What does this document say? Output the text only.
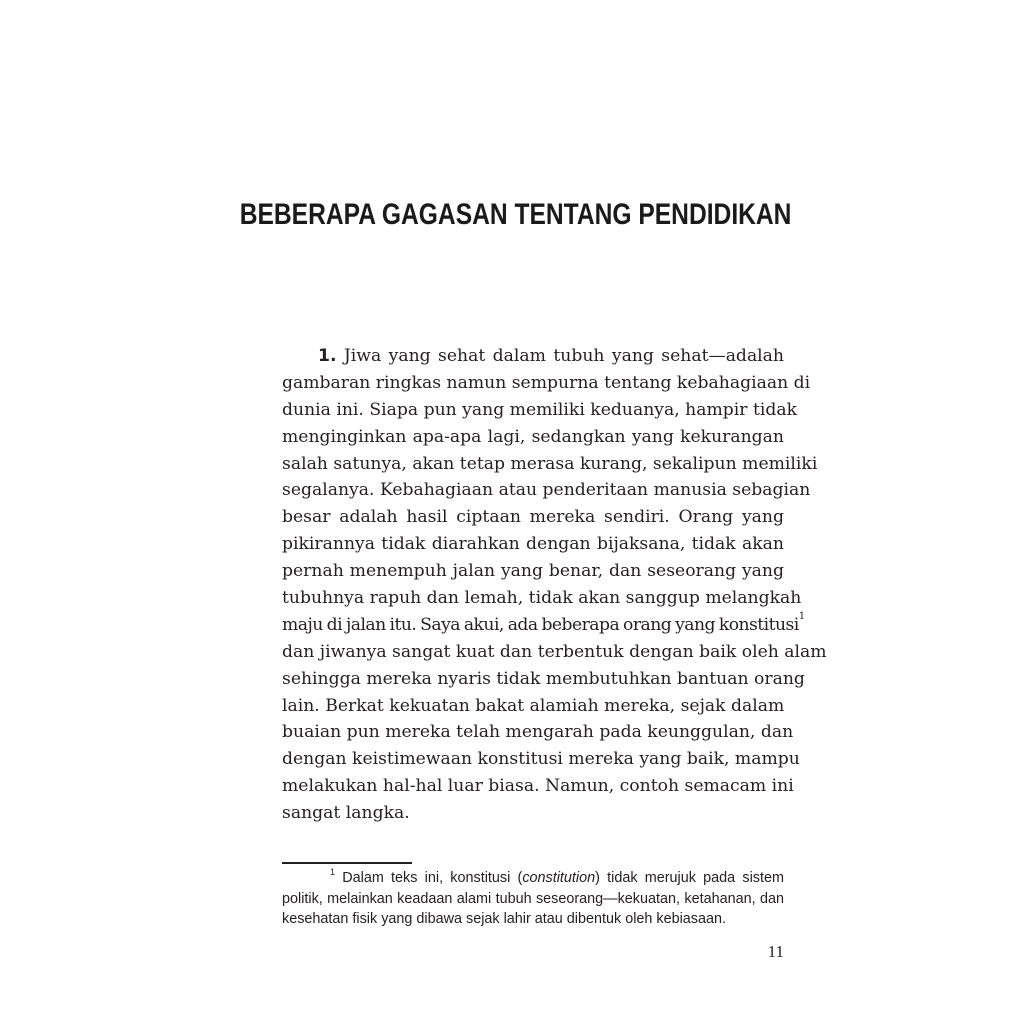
BEBERAPA GAGASAN TENTANG PENDIDIKAN
1. Jiwa yang sehat dalam tubuh yang sehat—adalah
gambaran ringkas namun sempurna tentang kebahagiaan di
dunia ini. Siapa pun yang memiliki keduanya, hampir tidak
menginginkan apa-apa lagi, sedangkan yang kekurangan
salah satunya, akan tetap merasa kurang, sekalipun memiliki
segalanya. Kebahagiaan atau penderitaan manusia sebagian
besar adalah hasil ciptaan mereka sendiri. Orang yang
pikirannya tidak diarahkan dengan bijaksana, tidak akan
pernah menempuh jalan yang benar, dan seseorang yang
tubuhnya rapuh dan lemah, tidak akan sanggup melangkah
maju di jalan itu. Saya akui, ada beberapa orang yang konstitusi$^1$
dan jiwanya sangat kuat dan terbentuk dengan baik oleh alam
sehingga mereka nyaris tidak membutuhkan bantuan orang
lain. Berkat kekuatan bakat alamiah mereka, sejak dalam
buaian pun mereka telah mengarah pada keunggulan, dan
dengan keistimewaan konstitusi mereka yang baik, mampu
melakukan hal-hal luar biasa. Namun, contoh semacam ini
sangat langka.
$^1$ Dalam teks ini, konstitusi (constitution) tidak merujuk pada sistem
politik, melainkan keadaan alami tubuh seseorang—kekuatan, ketahanan, dan
kesehatan fisik yang dibawa sejak lahir atau dibentuk oleh kebiasaan.
11
